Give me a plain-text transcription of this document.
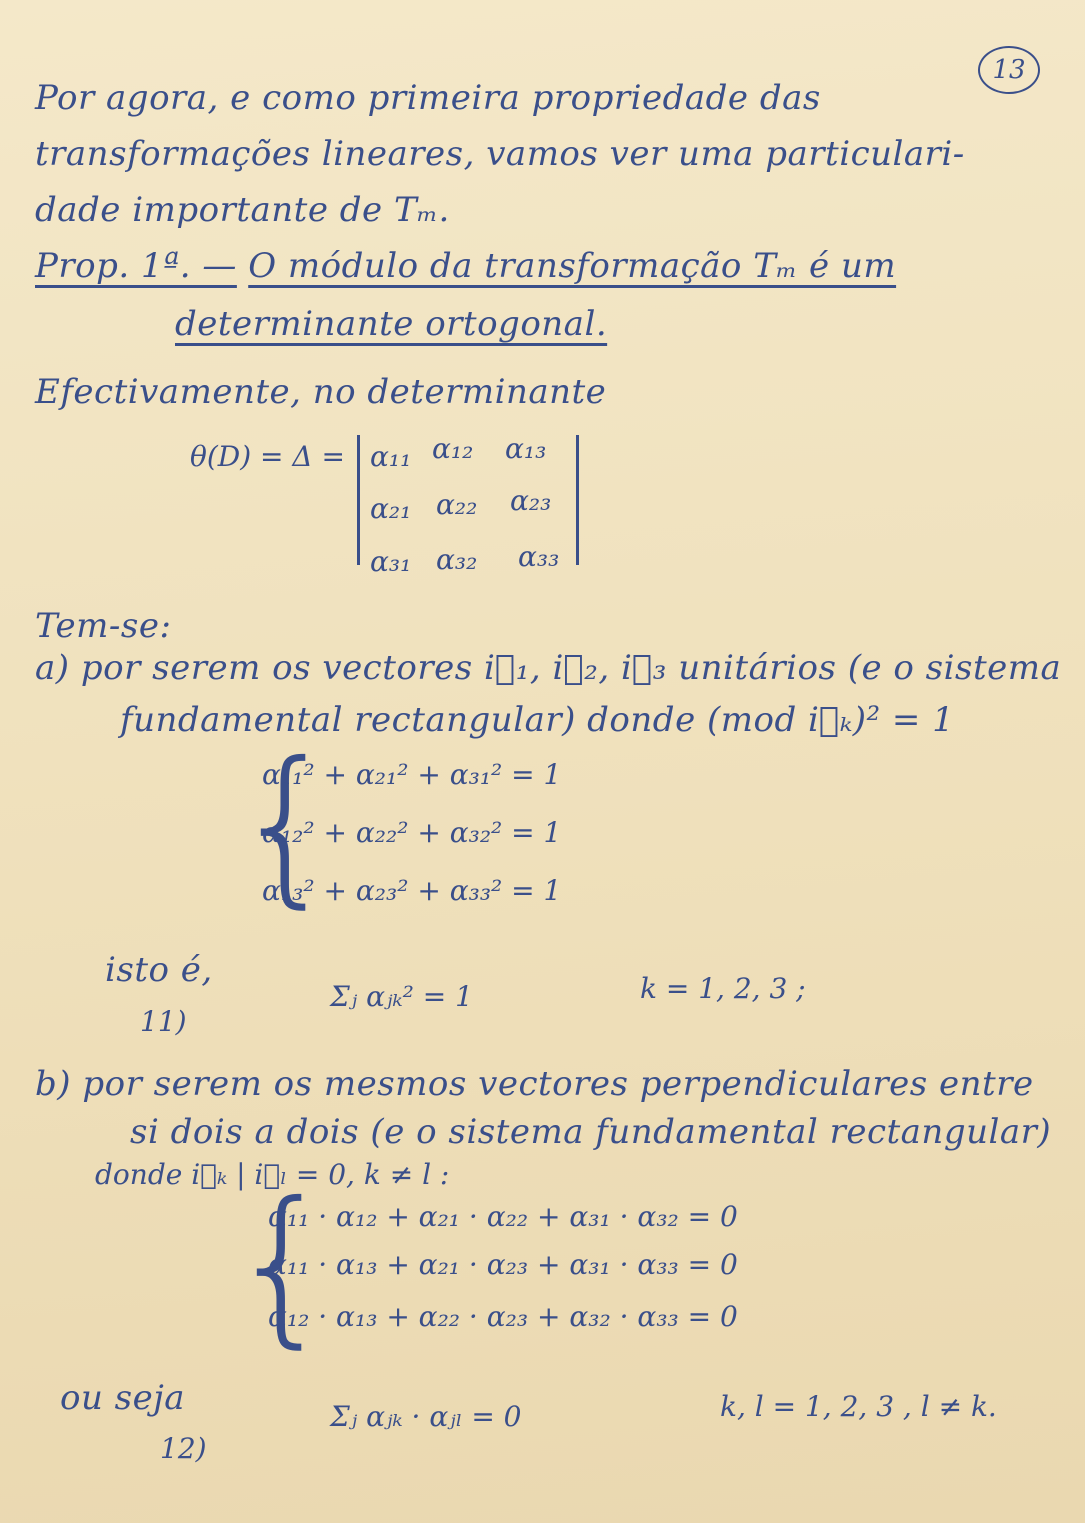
13
Por agora, e como primeira propriedade das
transformações lineares, vamos ver uma particulari-
dade importante de Tₘ.
Prop. 1ª. — O módulo da transformação Tₘ é um
determinante ortogonal.
Efectivamente, no determinante
θ(D) = Δ = α₁₁ α₁₂ α₁₃
α₂₁ α₂₂ α₂₃
α₃₁ α₃₂ α₃₃
Tem-se:
a) por serem os vectores i⃗₁, i⃗₂, i⃗₃ unitários (e o sistema
fundamental rectangular) donde (mod i⃗ₖ)² = 1
{
α₁₁² + α₂₁² + α₃₁² = 1
α₁₂² + α₂₂² + α₃₂² = 1
α₁₃² + α₂₃² + α₃₃² = 1
isto é,
11)
Σⱼ αⱼₖ² = 1	k = 1, 2, 3 ;
b) por serem os mesmos vectores perpendiculares entre
si dois a dois (e o sistema fundamental rectangular)
donde i⃗ₖ | i⃗ₗ = 0, k ≠ l :
{
α₁₁ · α₁₂ + α₂₁ · α₂₂ + α₃₁ · α₃₂ = 0
α₁₁ · α₁₃ + α₂₁ · α₂₃ + α₃₁ · α₃₃ = 0
α₁₂ · α₁₃ + α₂₂ · α₂₃ + α₃₂ · α₃₃ = 0
ou seja
12)
Σⱼ αⱼₖ · αⱼₗ = 0	k, l = 1, 2, 3 , l ≠ k.
